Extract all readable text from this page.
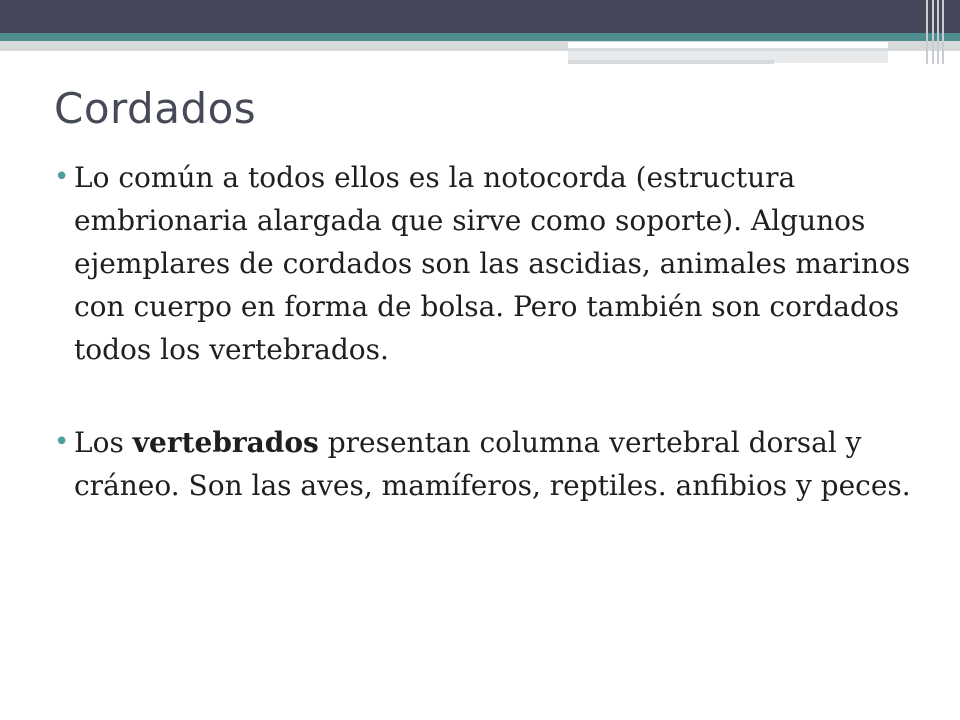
Cordados
• Lo común a todos ellos es la notocorda (estructura embrionaria alargada que sirve como soporte). Algunos ejemplares de cordados son las ascidias, animales marinos con cuerpo en forma de bolsa. Pero también son cordados todos los vertebrados.
• Los vertebrados presentan columna vertebral dorsal y cráneo. Son las aves, mamíferos, reptiles. anfibios y peces.
